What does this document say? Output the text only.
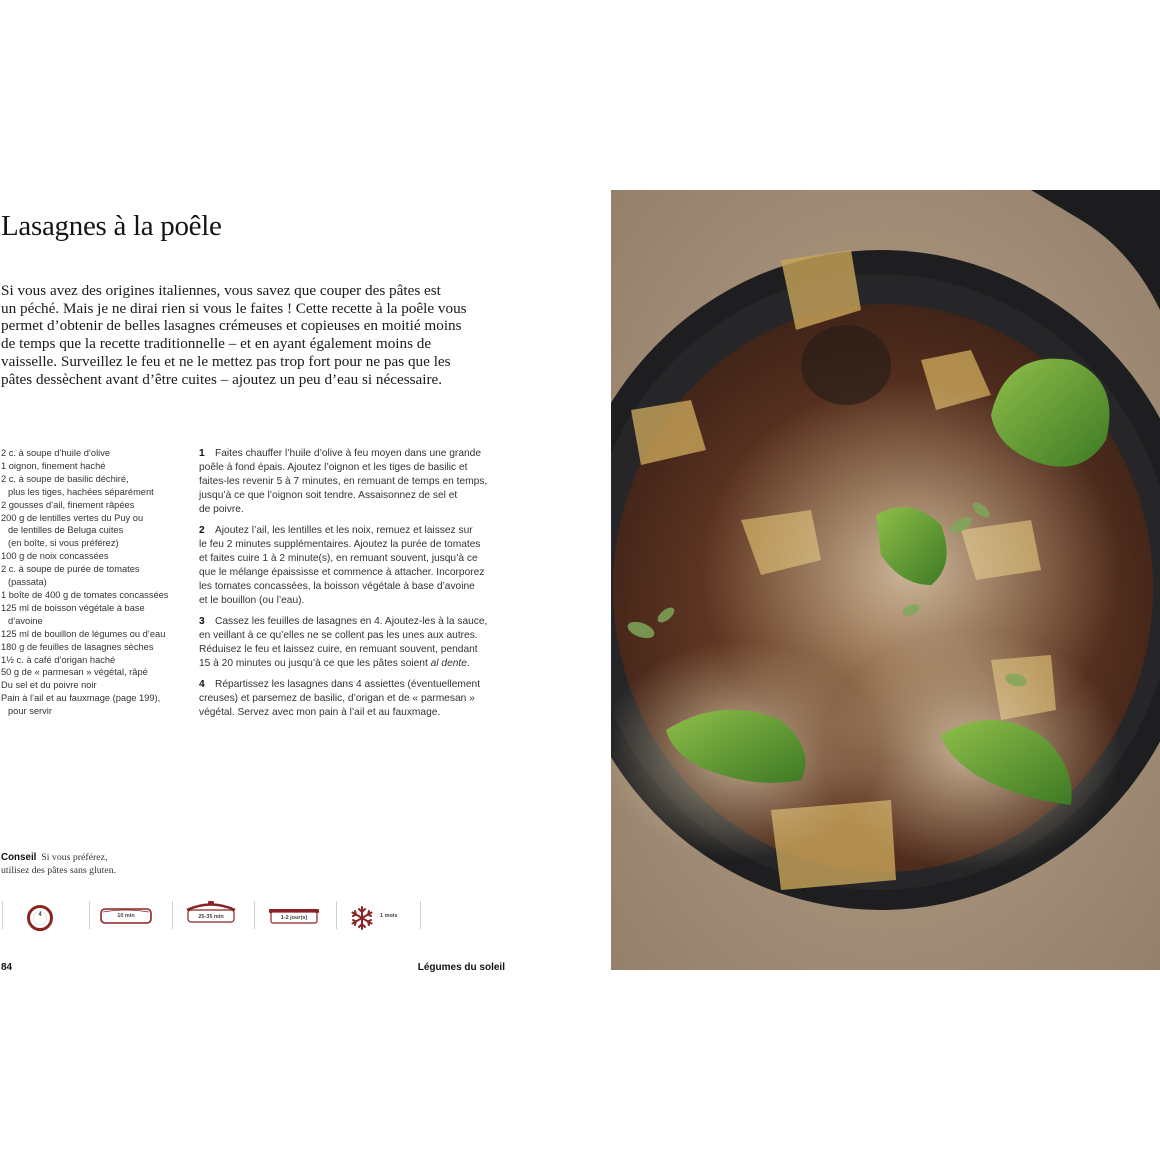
Lasagnes à la poêle

Si vous avez des origines italiennes, vous savez que couper des pâtes est
un péché. Mais je ne dirai rien si vous le faites ! Cette recette à la poêle vous
permet d’obtenir de belles lasagnes crémeuses et copieuses en moitié moins
de temps que la recette traditionnelle – et en ayant également moins de
vaisselle. Surveillez le feu et ne le mettez pas trop fort pour ne pas que les
pâtes dessèchent avant d’être cuites – ajoutez un peu d’eau si nécessaire.

2 c. à soupe d’huile d’olive

1 oignon, finement haché

2 c. à soupe de basilic déchiré,
plus les tiges, hachées séparément

2 gousses d’ail, finement râpées

200 g de lentilles vertes du Puy ou
de lentilles de Beluga cuites
(en boîte, si vous préférez)

100 g de noix concassées

2 c. à soupe de purée de tomates
(passata)

1 boîte de 400 g de tomates concassées

125 ml de boisson végétale à base
d’avoine

125 ml de bouillon de légumes ou d’eau

180 g de feuilles de lasagnes sèches

1½ c. à café d’origan haché

50 g de « parmesan » végétal, râpé

Du sel et du poivre noir

Pain à l’ail et au fauxmage (page 199),
pour servir

1 Faites chauffer l’huile d’olive à feu moyen dans une grande
poêle à fond épais. Ajoutez l’oignon et les tiges de basilic et
faites-les revenir 5 à 7 minutes, en remuant de temps en temps,
jusqu’à ce que l’oignon soit tendre. Assaisonnez de sel et
de poivre.
2 Ajoutez l’ail, les lentilles et les noix, remuez et laissez sur
le feu 2 minutes supplémentaires. Ajoutez la purée de tomates
et faites cuire 1 à 2 minute(s), en remuant souvent, jusqu’à ce
que le mélange épaississe et commence à attacher. Incorporez
les tomates concassées, la boisson végétale à base d’avoine
et le bouillon (ou l’eau).
3 Cassez les feuilles de lasagnes en 4. Ajoutez-les à la sauce,
en veillant à ce qu’elles ne se collent pas les unes aux autres.
Réduisez le feu et laissez cuire, en remuant souvent, pendant
15 à 20 minutes ou jusqu’à ce que les pâtes soient al dente.
4 Répartissez les lasagnes dans 4 assiettes (éventuellement
creuses) et parsemez de basilic, d’origan et de « parmesan »
végétal. Servez avec mon pain à l’ail et au fauxmage.
Conseil Si vous préférez,
utilisez des pâtes sans gluten.
4	10 min	25-35 min	1-2 jour(s)	1 mois
84	Légumes du soleil
